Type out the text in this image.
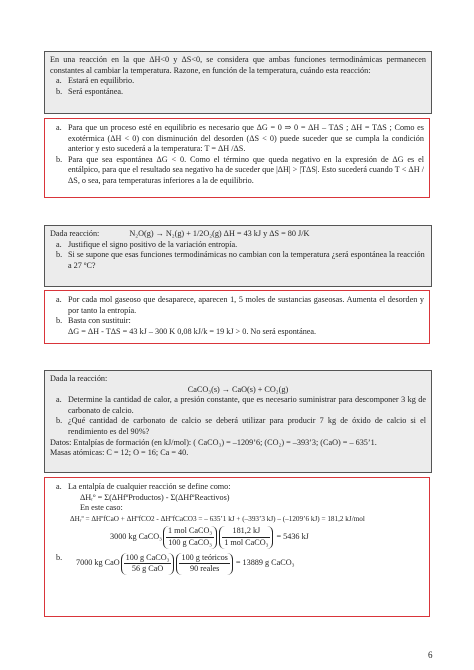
En una reacción en la que ΔH<0 y ΔS<0, se considera que ambas funciones termodinámicas permanecen constantes al cambiar la temperatura. Razone, en función de la temperatura, cuándo esta reacción:

a. Estará en equilibrio.

b. Será espontánea.

a. Para que un proceso esté en equilibrio es necesario que ΔG = 0 ⇒ 0 = ΔH – TΔS ; ΔH = TΔS ; Como es exotérmica (ΔH < 0) con disminución del desorden (ΔS < 0) puede suceder que se cumpla la condición anterior y esto sucederá a la temperatura: T = ΔH /ΔS.

b. Para que sea espontánea ΔG < 0. Como el término que queda negativo en la expresión de ΔG es el entálpico, para que el resultado sea negativo ha de suceder que |ΔH| > |TΔS|. Esto sucederá cuando T < ΔH /ΔS, o sea, para temperaturas inferiores a la de equilibrio.

Dada reacción:	N₂O(g) → N₂(g) + 1/2O₂(g) ΔH = 43 kJ y ΔS = 80 J/K

a. Justifique el signo positivo de la variación entropía.

b. Si se supone que esas funciones termodinámicas no cambian con la temperatura ¿será espontánea la reacción a 27 ºC?

a. Por cada mol gaseoso que desaparece, aparecen 1, 5 moles de sustancias gaseosas. Aumenta el desorden y por tanto la entropía.

b. Basta con sustituir:

ΔG = ΔH - TΔS = 43 kJ – 300 K 0,08 kJ/k = 19 kJ > 0. No será espontánea.

Dada la reacción:

CaCO₃(s) → CaO(s) + CO₂(g)

a. Determine la cantidad de calor, a presión constante, que es necesario suministrar para descomponer 3 kg de carbonato de calcio.

b. ¿Qué cantidad de carbonato de calcio se deberá utilizar para producir 7 kg de óxido de calcio si el rendimiento es del 90%?

Datos: Entalpías de formación (en kJ/mol): ( CaCO₃) = –1209’6; (CO₂) = –393’3; (CaO) = – 635’1.

Masas atómicas: C = 12; O = 16; Ca = 40.

a. La entalpía de cualquier reacción se define como:

ΔHᵣº = Σ(ΔHfºProductos) - Σ(ΔHfºReactivos)

En este caso:

ΔHᵣº = ΔHºfCaO + ΔHºfCO2 - ΔHºfCaCO3 = – 635’1 kJ + (–393’3 kJ) – (–1209’6 kJ) = 181,2 kJ/mol

3000 kg CaCO₃ $\frac{\text{1 mol CaCO₃}}{\text{100 g CaCO₃}} \frac{181,2 kJ}{\text{1 mol CaCO₃}} = 5436$ kJ

b.

7000 kg CaO $\frac{\text{100 g CaCO₃}}{\text{56 g CaO}} \frac{\text{100 g teóricos}}{\text{90 reales}} = 13889$ g CaCO₃
6
